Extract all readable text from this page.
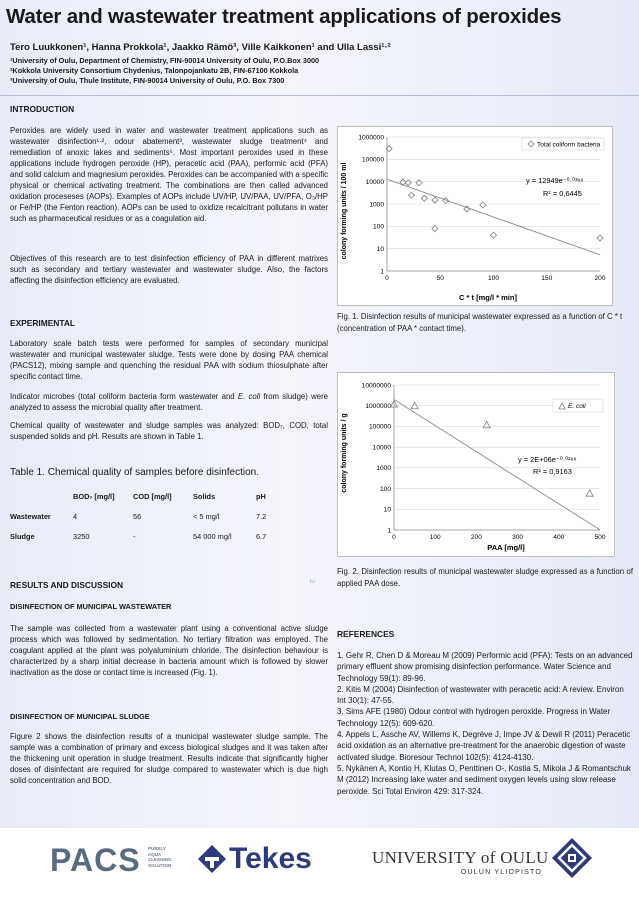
Water and wastewater treatment applications of peroxides
Tero Luukkonen¹, Hanna Prokkola¹, Jaakko Rämö³, Ville Kaikkonen¹ and Ulla Lassi¹·²
¹University of Oulu, Department of Chemistry, FIN-90014 University of Oulu, P.O.Box 3000
²Kokkola University Consortium Chydenius, Talonpojankatu 2B, FIN-67100 Kokkola
³University of Oulu, Thule Institute, FIN-90014 University of Oulu, P.O. Box 7300
INTRODUCTION
Peroxides are widely used in water and wastewater treatment applications such as wastewater disinfection¹·², odour abatement³, wastewater sludge treatment⁴ and remediation of anoxic lakes and sediments⁵. Most important peroxides used in these applications include hydrogen peroxide (HP), peracetic acid (PAA), performic acid (PFA) and solid calcium and magnesium peroxides. Peroxides can be accompanied with a specific physical or chemical activating treatment. The combinations are then called advanced oxidation proceseses (AOPs). Examples of AOPs include UV/HP, UV/PAA, UV/PFA, O₃/HP or Fe/HP (the Fenton reaction). AOPs can be used to oxidize recalcitrant pollutans in water such as pharmaceutical residues or as a coagulation aid.
Objectives of this research are to test disinfection efficiency of PAA in different matrixes such as secondary and tertiary wastewater and wastewater sludge. Also, the factors affecting the disinfection efficiency are evaluated.
EXPERIMENTAL
Laboratory scale batch tests were performed for samples of secondary municipal wastewater and municipal wastewater sludge. Tests were done by dosing PAA chemical (PACS12), mixing sample and quenching the residual PAA with sodium thiosulphate after specific contact time.
Indicator microbes (total coliform bacteria form wastewater and E. coli from sludge) were analyzed to assess the microbial quality after treatment.
Chemical quality of wastewater and sludge samples was analyzed: BOD₇, COD, total suspended solids and pH. Results are shown in Table 1.
Table 1. Chemical quality of samples before disinfection.
	BOD₇ [mg/l]	COD [mg/l]	Solids	pH
Wastewater	4	56	< 5 mg/l	7.2
Sludge	3250	-	54 000 mg/l	6.7
RESULTS AND DISCUSSION	b.i
DISINFECTION OF MUNICIPAL WASTEWATER
The sample was collected from a wastewater plant using a conventional active sludge process which was followed by sedimentation. No tertiary filtration was employed. The coagulant applied at the plant was polyaluminium chloride. The disinfection behaviour is characterized by a sharp initial decrease in bacteria amount which is followed by slower inactivation as the dose or contact time is increased (Fig. 1).
DISINFECTION OF MUNICIPAL SLUDGE
Figure 2 shows the disinfection results of a municipal wastewater sludge sample. The sample was a combination of primary and excess biological sludges and it was taken after the thickening unit operation in sludge treatment. Results indicate that significantly higher doses of disinfectant are required for sludge compared to wastewater which is due high solid concentration and BOD.
1
10
100
1000
10000
100000
1000000
0	50	100	150	200
colony forming units / 100 ml
C * t [mg/l * min]
Total coliform bacteria
y = 12949e⁻⁰·⁰³⁹ˣ
R² = 0,6445
Fig. 1. Disinfection results of municipal wastewater expressed as a function of C * t (concentration of PAA * contact time).
1
10
100
1000
10000
100000
1000000
10000000
0	100	200	300	400	500
colony forming units / g
PAA [mg/l]
E. coli
y = 2E+06e⁻⁰·⁰²⁹ˣ
R² = 0,9163
Fig. 2. Disinfection results of municipal wastewater sludge expressed as a function of applied PAA dose.
REFERENCES
1. Gehr R, Chen D & Moreau M (2009) Performic acid (PFA): Tests on an advanced primary effluent show promising disinfection performance. Water Science and Technology 59(1): 89-96.
2. Kitis M (2004) Disinfection of wastewater with peracetic acid: A review. Environ Int 30(1): 47-55.
3. Sims AFE (1980) Odour control with hydrogen peroxide. Progress in Water Technology 12(5): 609-620.
4. Appels L, Assche AV, Willems K, Degrève J, Impe JV & Dewil R (2011) Peracetic acid oxidation as an alternative pre-treatment for the anaerobic digestion of waste activated sludge. Bioresour Technol 102(5): 4124-4130.
5. Nykänen A, Kontio H, Klutas O, Penttinen O-, Kostia S, Mikola J & Romantschuk M (2012) Increasing lake water and sediment oxygen levels using slow release peroxide. Sci Total Environ 429: 317-324.
PACS PURELY
AQUA
CLEANING
SOLUTION Tekes	UNIVERSITY of OULU
OULUN YLIOPISTO
